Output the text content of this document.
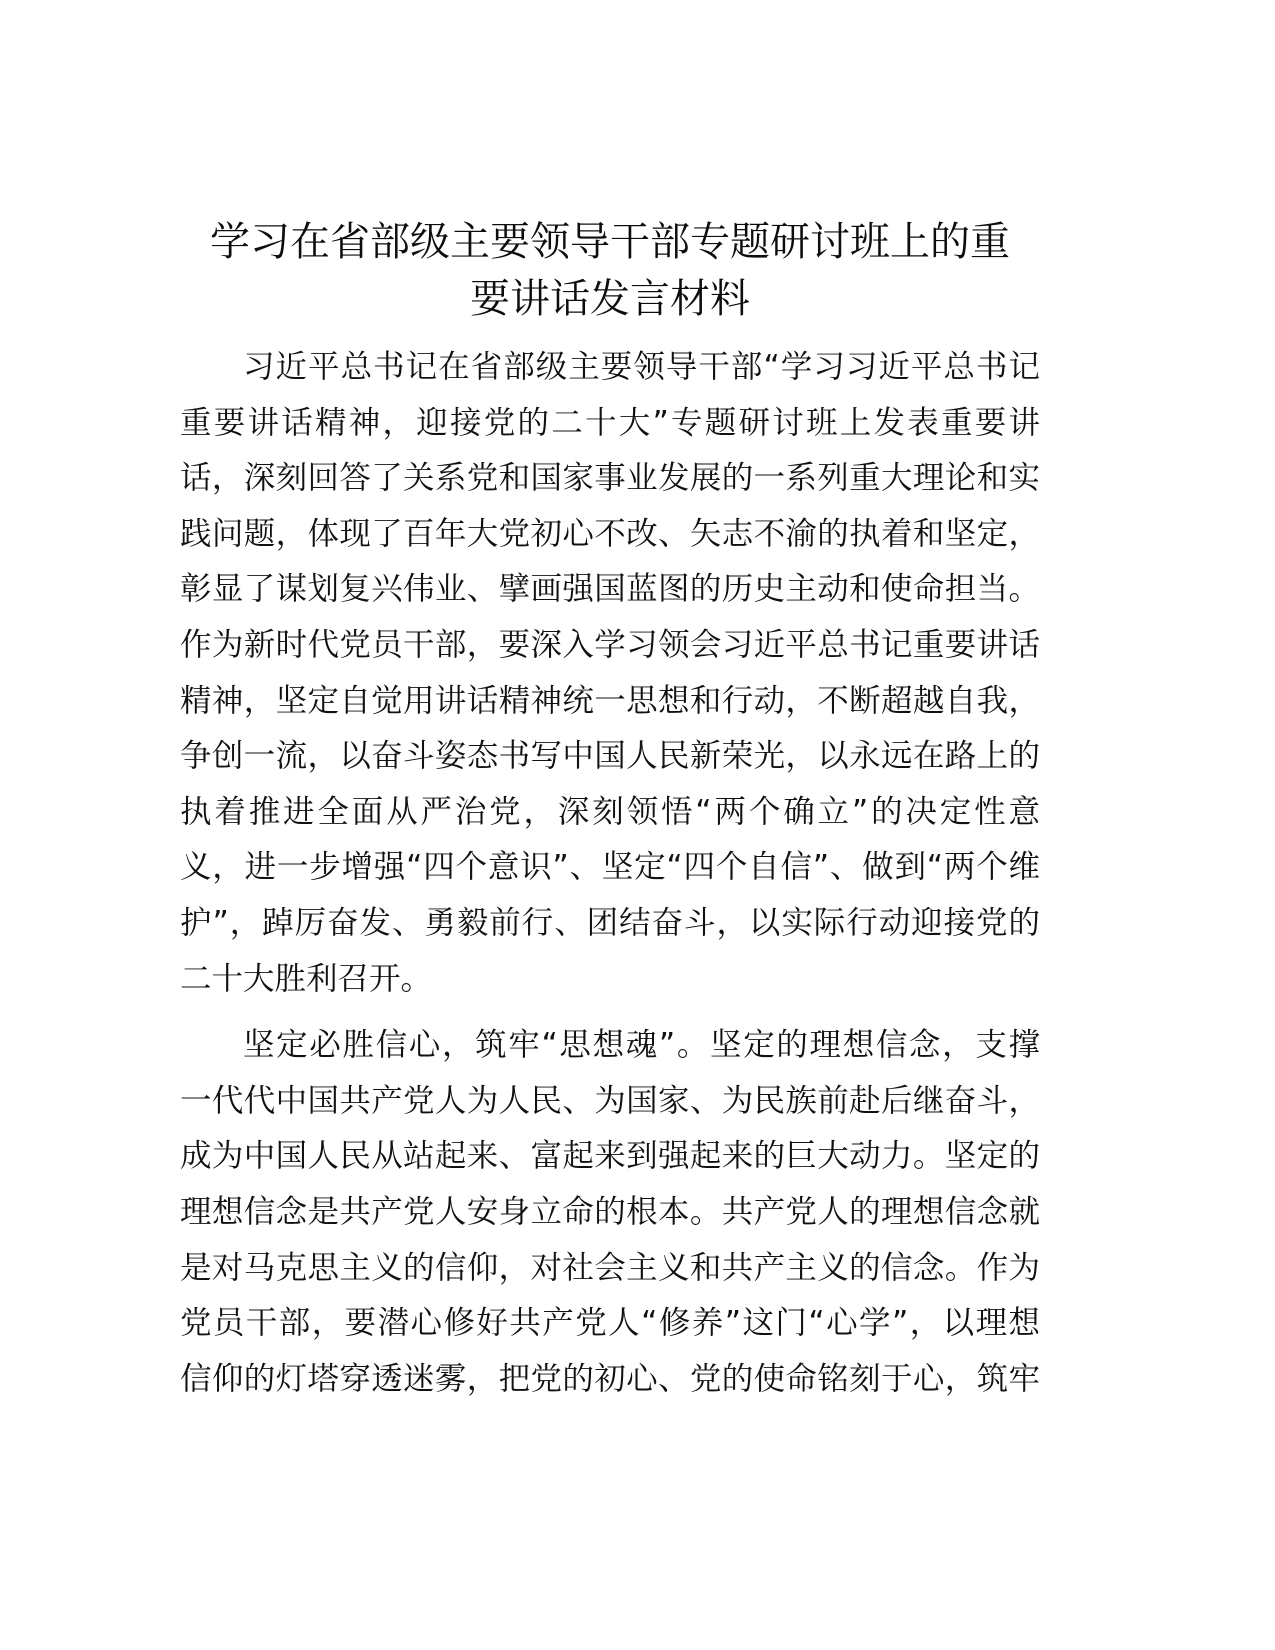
学习在省部级主要领导干部专题研讨班上的重
要讲话发言材料
习近平总书记在省部级主要领导干部“学习习近平总书记
重要讲话精神，迎接党的二十大”专题研讨班上发表重要讲
话，深刻回答了关系党和国家事业发展的一系列重大理论和实
践问题，体现了百年大党初心不改、矢志不渝的执着和坚定，
彰显了谋划复兴伟业、擘画强国蓝图的历史主动和使命担当。
作为新时代党员干部，要深入学习领会习近平总书记重要讲话
精神，坚定自觉用讲话精神统一思想和行动，不断超越自我，
争创一流，以奋斗姿态书写中国人民新荣光，以永远在路上的
执着推进全面从严治党，深刻领悟“两个确立”的决定性意
义，进一步增强“四个意识”、坚定“四个自信”、做到“两个维
护”，踔厉奋发、勇毅前行、团结奋斗，以实际行动迎接党的
二十大胜利召开。
坚定必胜信心，筑牢“思想魂”。坚定的理想信念，支撑
一代代中国共产党人为人民、为国家、为民族前赴后继奋斗，
成为中国人民从站起来、富起来到强起来的巨大动力。坚定的
理想信念是共产党人安身立命的根本。共产党人的理想信念就
是对马克思主义的信仰，对社会主义和共产主义的信念。作为
党员干部，要潜心修好共产党人“修养”这门“心学”，以理想
信仰的灯塔穿透迷雾，把党的初心、党的使命铭刻于心，筑牢
